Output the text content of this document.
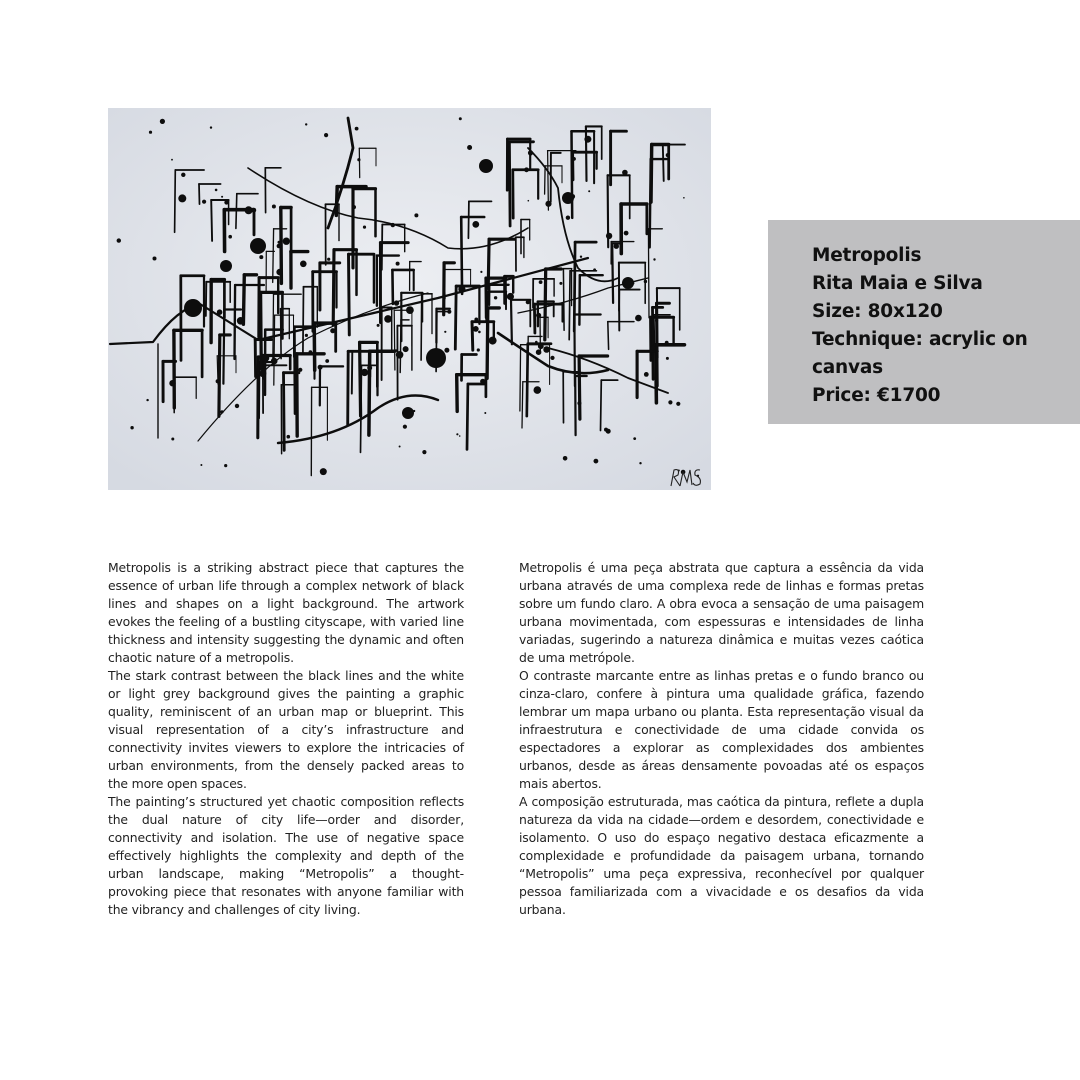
Metropolis
Rita Maia e Silva
Size: 80x120
Technique: acrylic on
canvas
Price: €1700

Metropolis is a striking abstract piece that captures the essence of urban life through a complex network of black lines and shapes on a light background. The artwork evokes the feeling of a bustling cityscape, with varied line thickness and intensity suggesting the dynamic and often chaotic nature of a metropolis.

The stark contrast between the black lines and the white or light grey background gives the painting a graphic quality, reminiscent of an urban map or blueprint. This visual representation of a city’s infrastructure and connectivity invites viewers to explore the intricacies of urban environments, from the densely packed areas to the more open spaces.

The painting’s structured yet chaotic composition reflects the dual nature of city life—order and disorder, connectivity and isolation. The use of negative space effectively highlights the complexity and depth of the urban landscape, making “Metropolis” a thought-provoking piece that resonates with anyone familiar with the vibrancy and challenges of city living.

Metropolis é uma peça abstrata que captura a essência da vida urbana através de uma complexa rede de linhas e formas pretas sobre um fundo claro. A obra evoca a sensação de uma paisagem urbana movimentada, com espessuras e intensidades de linha variadas, sugerindo a natureza dinâmica e muitas vezes caótica de uma metrópole.

O contraste marcante entre as linhas pretas e o fundo branco ou cinza-claro, confere à pintura uma qualidade gráfica, fazendo lembrar um mapa urbano ou planta. Esta representação visual da infraestrutura e conectividade de uma cidade convida os espectadores a explorar as complexidades dos ambientes urbanos, desde as áreas densamente povoadas até os espaços mais abertos.

A composição estruturada, mas caótica da pintura, reflete a dupla natureza da vida na cidade—ordem e desordem, conectividade e isolamento. O uso do espaço negativo destaca eficazmente a complexidade e profundidade da paisagem urbana, tornando “Metropolis” uma peça expressiva, reconhecível por qualquer pessoa familiarizada com a vivacidade e os desafios da vida urbana.
